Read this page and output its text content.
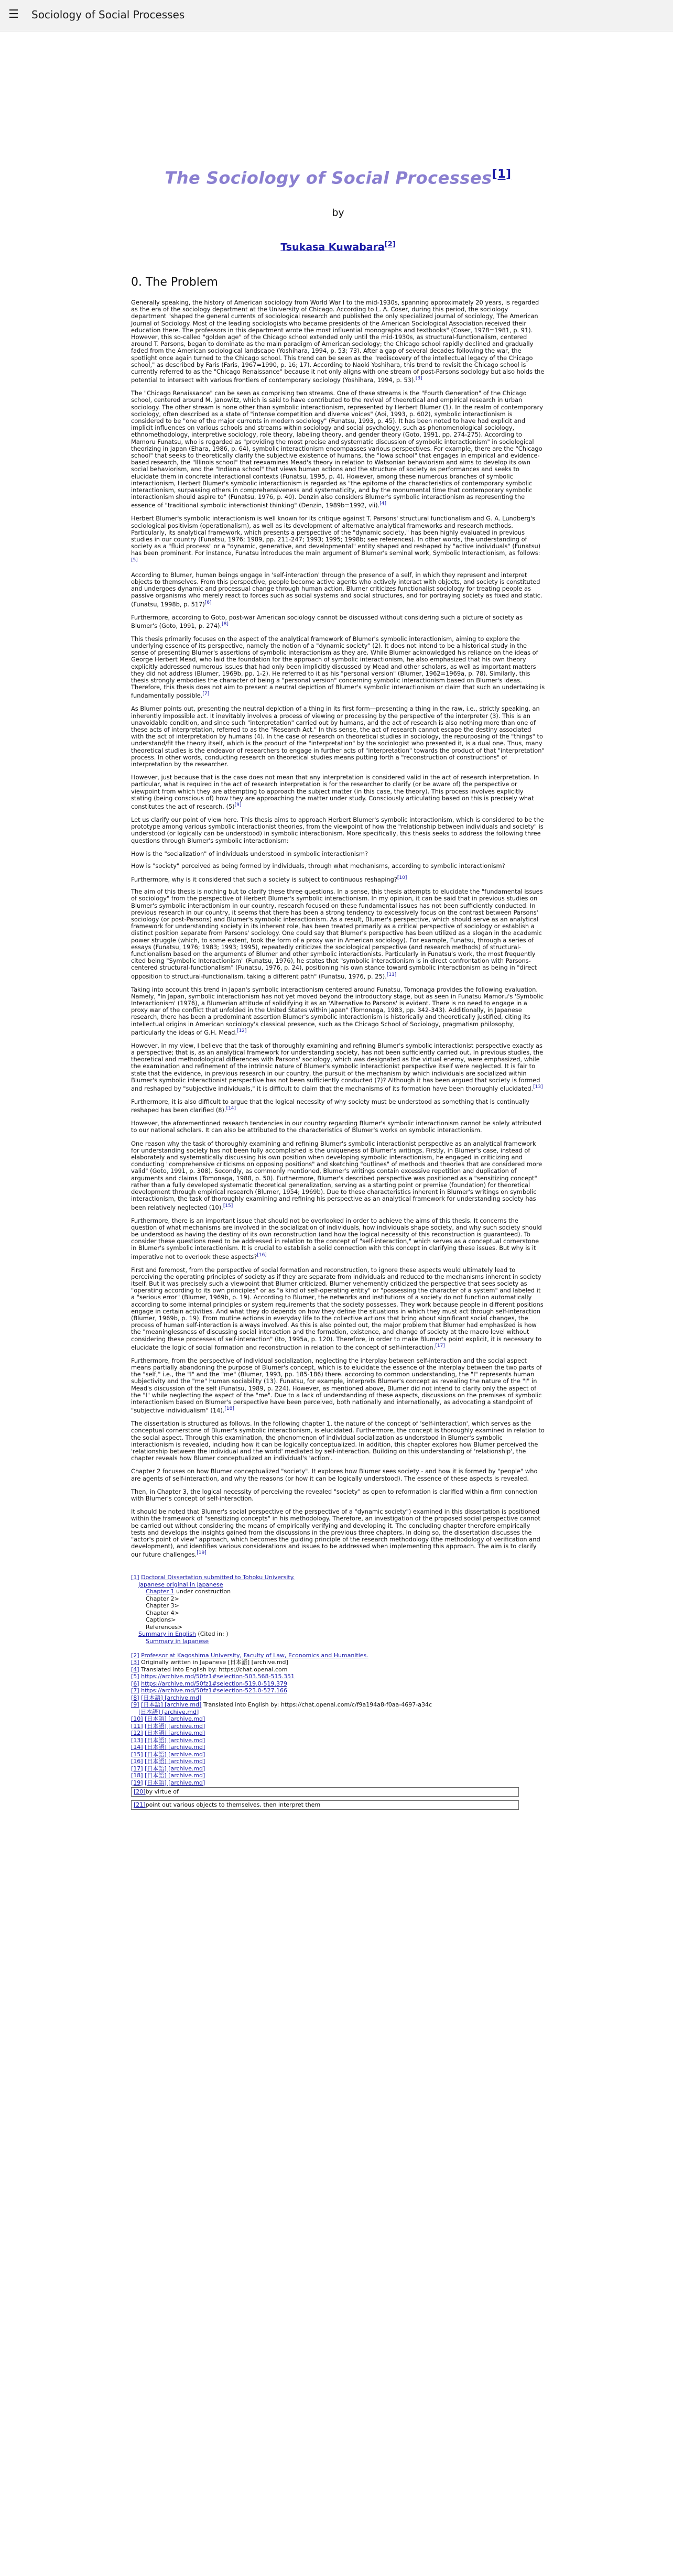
☰ Sociology of Social Processes
The Sociology of Social Processes[1]
by
Tsukasa Kuwabara[2]
0. The Problem

Generally speaking, the history of American sociology from World War I to the mid-1930s, spanning approximately 20 years, is regarded as the era of the sociology department at the University of Chicago. According to L. A. Coser, during this period, the sociology department "shaped the general currents of sociological research and published the only specialized journal of sociology, The American Journal of Sociology. Most of the leading sociologists who became presidents of the American Sociological Association received their education there. The professors in this department wrote the most influential monographs and textbooks" (Coser, 1978=1981, p. 91). However, this so-called "golden age" of the Chicago school extended only until the mid-1930s, as structural-functionalism, centered around T. Parsons, began to dominate as the main paradigm of American sociology; the Chicago school rapidly declined and gradually faded from the American sociological landscape (Yoshihara, 1994, p. 53; 73). After a gap of several decades following the war, the spotlight once again turned to the Chicago school. This trend can be seen as the "rediscovery of the intellectual legacy of the Chicago school," as described by Faris (Faris, 1967=1990, p. 16; 17). According to Naoki Yoshihara, this trend to revisit the Chicago school is currently referred to as the "Chicago Renaissance" because it not only aligns with one stream of post-Parsons sociology but also holds the potential to intersect with various frontiers of contemporary sociology (Yoshihara, 1994, p. 53).[3]

The "Chicago Renaissance" can be seen as comprising two streams. One of these streams is the "Fourth Generation" of the Chicago school, centered around M. Janowitz, which is said to have contributed to the revival of theoretical and empirical research in urban sociology. The other stream is none other than symbolic interactionism, represented by Herbert Blumer (1). In the realm of contemporary sociology, often described as a state of "intense competition and diverse voices" (Aoi, 1993, p. 602), symbolic interactionism is considered to be "one of the major currents in modern sociology" (Funatsu, 1993, p. 45). It has been noted to have had explicit and implicit influences on various schools and streams within sociology and social psychology, such as phenomenological sociology, ethnomethodology, interpretive sociology, role theory, labeling theory, and gender theory (Goto, 1991, pp. 274-275). According to Mamoru Funatsu, who is regarded as "providing the most precise and systematic discussion of symbolic interactionism" in sociological theorizing in Japan (Ehara, 1986, p. 64), symbolic interactionism encompasses various perspectives. For example, there are the "Chicago school" that seeks to theoretically clarify the subjective existence of humans, the "Iowa school" that engages in empirical and evidence-based research, the "Illinois school" that reexamines Mead's theory in relation to Watsonian behaviorism and aims to develop its own social behaviorism, and the "Indiana school" that views human actions and the structure of society as performances and seeks to elucidate them in concrete interactional contexts (Funatsu, 1995, p. 4). However, among these numerous branches of symbolic interactionism, Herbert Blumer's symbolic interactionism is regarded as "the epitome of the characteristics of contemporary symbolic interactionism, surpassing others in comprehensiveness and systematicity, and by the monumental time that contemporary symbolic interactionism should aspire to" (Funatsu, 1976, p. 40). Denzin also considers Blumer's symbolic interactionism as representing the essence of "traditional symbolic interactionist thinking" (Denzin, 1989b=1992, vii).[4]

Herbert Blumer's symbolic interactionism is well known for its critique against T. Parsons' structural functionalism and G. A. Lundberg's sociological positivism (operationalism), as well as its development of alternative analytical frameworks and research methods. Particularly, its analytical framework, which presents a perspective of the "dynamic society," has been highly evaluated in previous studies in our country (Funatsu, 1976; 1989, pp. 211-247; 1993; 1995; 1998b; see references). In other words, the understanding of society as a "fluid process" or a "dynamic, generative, and developmental" entity shaped and reshaped by "active individuals" (Funatsu) has been prominent. For instance, Funatsu introduces the main argument of Blumer's seminal work, Symbolic Interactionism, as follows:[5]

According to Blumer, human beings engage in 'self-interaction' through the presence of a self, in which they represent and interpret objects to themselves. From this perspective, people become active agents who actively interact with objects, and society is constituted and undergoes dynamic and processual change through human action. Blumer criticizes functionalist sociology for treating people as passive organisms who merely react to forces such as social systems and social structures, and for portraying society as fixed and static. (Funatsu, 1998b, p. 517)[6]

Furthermore, according to Goto, post-war American sociology cannot be discussed without considering such a picture of society as Blumer's (Goto, 1991, p. 274).[8]

This thesis primarily focuses on the aspect of the analytical framework of Blumer's symbolic interactionism, aiming to explore the underlying essence of its perspective, namely the notion of a "dynamic society" (2). It does not intend to be a historical study in the sense of presenting Blumer's assertions of symbolic interactionism as they are. While Blumer acknowledged his reliance on the ideas of George Herbert Mead, who laid the foundation for the approach of symbolic interactionism, he also emphasized that his own theory explicitly addressed numerous issues that had only been implicitly discussed by Mead and other scholars, as well as important matters they did not address (Blumer, 1969b, pp. 1-2). He referred to it as his "personal version" (Blumer, 1962=1969a, p. 78). Similarly, this thesis strongly embodies the character of being a "personal version" concerning symbolic interactionism based on Blumer's ideas. Therefore, this thesis does not aim to present a neutral depiction of Blumer's symbolic interactionism or claim that such an undertaking is fundamentally possible.[7]

As Blumer points out, presenting the neutral depiction of a thing in its first form—presenting a thing in the raw, i.e., strictly speaking, an inherently impossible act. It inevitably involves a process of viewing or processing by the perspective of the interpreter (3). This is an unavoidable condition, and since such "interpretation" carried out by humans, and the act of research is also nothing more than one of these acts of interpretation, referred to as the "Research Act." In this sense, the act of research cannot escape the destiny associated with the act of interpretation by humans (4). In the case of research on theoretical studies in sociology, the repurposing of the "things" to understand/fit the theory itself, which is the product of the "interpretation" by the sociologist who presented it, is a dual one. Thus, many theoretical studies is the endeavor of researchers to engage in further acts of "interpretation" towards the product of that "interpretation" process. In other words, conducting research on theoretical studies means putting forth a "reconstruction of constructions" of interpretation by the researcher.

However, just because that is the case does not mean that any interpretation is considered valid in the act of research interpretation. In particular, what is required in the act of research interpretation is for the researcher to clarify (or be aware of) the perspective or viewpoint from which they are attempting to approach the subject matter (in this case, the theory). This process involves explicitly stating (being conscious of) how they are approaching the matter under study. Consciously articulating based on this is precisely what constitutes the act of research. (5)[9]

Let us clarify our point of view here. This thesis aims to approach Herbert Blumer's symbolic interactionism, which is considered to be the prototype among various symbolic interactionist theories, from the viewpoint of how the "relationship between individuals and society" is understood (or logically can be understood) in symbolic interactionism. More specifically, this thesis seeks to address the following three questions through Blumer's symbolic interactionism:

How is the "socialization" of individuals understood in symbolic interactionism?

How is "society" perceived as being formed by individuals, through what mechanisms, according to symbolic interactionism?

Furthermore, why is it considered that such a society is subject to continuous reshaping?[10]

The aim of this thesis is nothing but to clarify these three questions. In a sense, this thesis attempts to elucidate the "fundamental issues of sociology" from the perspective of Herbert Blumer's symbolic interactionism. In my opinion, it can be said that in previous studies on Blumer's symbolic interactionism in our country, research focused on these fundamental issues has not been sufficiently conducted. In previous research in our country, it seems that there has been a strong tendency to excessively focus on the contrast between Parsons' sociology (or post-Parsons) and Blumer's symbolic interactionism. As a result, Blumer's perspective, which should serve as an analytical framework for understanding society in its inherent role, has been treated primarily as a critical perspective of sociology or establish a distinct position separate from Parsons' sociology. One could say that Blumer's perspective has been utilized as a slogan in the academic power struggle (which, to some extent, took the form of a proxy war in American sociology). For example, Funatsu, through a series of essays (Funatsu, 1976; 1983; 1993; 1995), repeatedly criticizes the sociological perspective (and research methods) of structural-functionalism based on the arguments of Blumer and other symbolic interactionists. Particularly in Funatsu's work, the most frequently cited being "Symbolic Interactionism" (Funatsu, 1976), he states that "symbolic interactionism is in direct confrontation with Parsons-centered structural-functionalism" (Funatsu, 1976, p. 24), positioning his own stance toward symbolic interactionism as being in "direct opposition to structural-functionalism, taking a different path" (Funatsu, 1976, p. 25).[11]

Taking into account this trend in Japan's symbolic interactionism centered around Funatsu, Tomonaga provides the following evaluation. Namely, "In Japan, symbolic interactionism has not yet moved beyond the introductory stage, but as seen in Funatsu Mamoru's 'Symbolic Interactionism' (1976), a Blumerian attitude of solidifying it as an 'Alternative to Parsons' is evident. There is no need to engage in a proxy war of the conflict that unfolded in the United States within Japan" (Tomonaga, 1983, pp. 342-343). Additionally, in Japanese research, there has been a predominant assertion Blumer's symbolic interactionism is historically and theoretically justified, citing its intellectual origins in American sociology's classical presence, such as the Chicago School of Sociology, pragmatism philosophy, particularly the ideas of G.H. Mead.[12]

However, in my view, I believe that the task of thoroughly examining and refining Blumer's symbolic interactionist perspective exactly as a perspective; that is, as an analytical framework for understanding society, has not been sufficiently carried out. In previous studies, the theoretical and methodological differences with Parsons' sociology, which was designated as the virtual enemy, were emphasized, while the examination and refinement of the intrinsic nature of Blumer's symbolic interactionist perspective itself were neglected. It is fair to state that the evidence, in previous research in our country, the pursuit of the mechanism by which individuals are socialized within Blumer's symbolic interactionist perspective has not been sufficiently conducted (7)? Although it has been argued that society is formed and reshaped by "subjective individuals," it is difficult to claim that the mechanisms of its formation have been thoroughly elucidated.[13]

Furthermore, it is also difficult to argue that the logical necessity of why society must be understood as something that is continually reshaped has been clarified (8).[14]

However, the aforementioned research tendencies in our country regarding Blumer's symbolic interactionism cannot be solely attributed to our national scholars. It can also be attributed to the characteristics of Blumer's works on symbolic interactionism.

One reason why the task of thoroughly examining and refining Blumer's symbolic interactionist perspective as an analytical framework for understanding society has not been fully accomplished is the uniqueness of Blumer's writings. Firstly, in Blumer's case, instead of elaborately and systematically discussing his own position when developing symbolic interactionism, he engaged in criticizing and conducting "comprehensive criticisms on opposing positions" and sketching "outlines" of methods and theories that are considered more valid" (Goto, 1991, p. 308). Secondly, as commonly mentioned, Blumer's writings contain excessive repetition and duplication of arguments and claims (Tomonaga, 1988, p. 50). Furthermore, Blumer's described perspective was positioned as a "sensitizing concept" rather than a fully developed systematic theoretical generalization, serving as a starting point or premise (foundation) for theoretical development through empirical research (Blumer, 1954; 1969b). Due to these characteristics inherent in Blumer's writings on symbolic interactionism, the task of thoroughly examining and refining his perspective as an analytical framework for understanding society has been relatively neglected (10).[15]

Furthermore, there is an important issue that should not be overlooked in order to achieve the aims of this thesis. It concerns the question of what mechanisms are involved in the socialization of individuals, how individuals shape society, and why such society should be understood as having the destiny of its own reconstruction (and how the logical necessity of this reconstruction is guaranteed). To consider these questions need to be addressed in relation to the concept of "self-interaction," which serves as a conceptual cornerstone in Blumer's symbolic interactionism. It is crucial to establish a solid connection with this concept in clarifying these issues. But why is it imperative not to overlook these aspects?[16]

First and foremost, from the perspective of social formation and reconstruction, to ignore these aspects would ultimately lead to perceiving the operating principles of society as if they are separate from individuals and reduced to the mechanisms inherent in society itself. But it was precisely such a viewpoint that Blumer criticized. Blumer vehemently criticized the perspective that sees society as "operating according to its own principles" or as "a kind of self-operating entity" or "possessing the character of a system" and labeled it a "serious error" (Blumer, 1969b, p. 19). According to Blumer, the networks and institutions of a society do not function automatically according to some internal principles or system requirements that the society possesses. They work because people in different positions engage in certain activities. And what they do depends on how they define the situations in which they must act through self-interaction (Blumer, 1969b, p. 19). From routine actions in everyday life to the collective actions that bring about significant social changes, the process of human self-interaction is always involved. As this is also pointed out, the major problem that Blumer had emphasized is how the "meaninglessness of discussing social interaction and the formation, existence, and change of society at the macro level without considering these processes of self-interaction" (Ito, 1995a, p. 120). Therefore, in order to make Blumer's point explicit, it is necessary to elucidate the logic of social formation and reconstruction in relation to the concept of self-interaction.[17]

Furthermore, from the perspective of individual socialization, neglecting the interplay between self-interaction and the social aspect means partially abandoning the purpose of Blumer's concept, which is to elucidate the essence of the interplay between the two parts of the "self," i.e., the "I" and the "me" (Blumer, 1993, pp. 185-186) there. according to common understanding, the "I" represents human subjectivity and the "me" human sociability (13). Funatsu, for example, interprets Blumer's concept as revealing the nature of the "I" in Mead's discussion of the self (Funatsu, 1989, p. 224). However, as mentioned above, Blumer did not intend to clarify only the aspect of the "I" while neglecting the aspect of the "me". Due to a lack of understanding of these aspects, discussions on the premises of symbolic interactionism based on Blumer's perspective have been perceived, both nationally and internationally, as advocating a standpoint of "subjective individualism" (14).[18]

The dissertation is structured as follows. In the following chapter 1, the nature of the concept of 'self-interaction', which serves as the conceptual cornerstone of Blumer's symbolic interactionism, is elucidated. Furthermore, the concept is thoroughly examined in relation to the social aspect. Through this examination, the phenomenon of individual socialization as understood in Blumer's symbolic interactionism is revealed, including how it can be logically conceptualized. In addition, this chapter explores how Blumer perceived the 'relationship between the individual and the world' mediated by self-interaction. Building on this understanding of 'relationship', the chapter reveals how Blumer conceptualized an individual's 'action'.

Chapter 2 focuses on how Blumer conceptualized "society". It explores how Blumer sees society - and how it is formed by "people" who are agents of self-interaction, and why the reasons (or how it can be logically understood). The essence of these aspects is revealed.

Then, in Chapter 3, the logical necessity of perceiving the revealed "society" as open to reformation is clarified within a firm connection with Blumer's concept of self-interaction.

It should be noted that Blumer's social perspective of the perspective of a "dynamic society") examined in this dissertation is positioned within the framework of "sensitizing concepts" in his methodology. Therefore, an investigation of the proposed social perspective cannot be carried out without considering the means of empirically verifying and developing it. The concluding chapter therefore empirically tests and develops the insights gained from the discussions in the previous three chapters. In doing so, the dissertation discusses the "actor's point of view" approach, which becomes the guiding principle of the research methodology (the methodology of verification and development), and identifies various considerations and issues to be addressed when implementing this approach. The aim is to clarify our future challenges.[19]

[1] Doctoral Dissertation submitted to Tohoku University.
Japanese original in Japanese
Chapter 1 under construction
Chapter 2>
Chapter 3>
Chapter 4>
Captions>
References>
Summary in English (Cited in: )
Summary in Japanese

[2] Professor at Kagoshima University, Faculty of Law, Economics and Humanities.
[3] Originally written in Japanese [日本語] [archive.md]
[4] Translated into English by: https://chat.openai.com
[5] https://archive.md/50fz1#selection-503.568-515.351
[6] https://archive.md/50fz1#selection-519.0-519.379
[7] https://archive.md/50fz1#selection-523.0-527.166
[8] [日本語] [archive.md]
[9] [日本語] [archive.md] Translated into English by: https://chat.openai.com/c/f9a194a8-f0aa-4697-a34c
[日本語] [archive.md]
[10] [日本語] [archive.md]
[11] [日本語] [archive.md]
[12] [日本語] [archive.md]
[13] [日本語] [archive.md]
[14] [日本語] [archive.md]
[15] [日本語] [archive.md]
[16] [日本語] [archive.md]
[17] [日本語] [archive.md]
[18] [日本語] [archive.md]
[19] [日本語] [archive.md]
[20]by virtue of
[21]point out various objects to themselves, then interpret them
